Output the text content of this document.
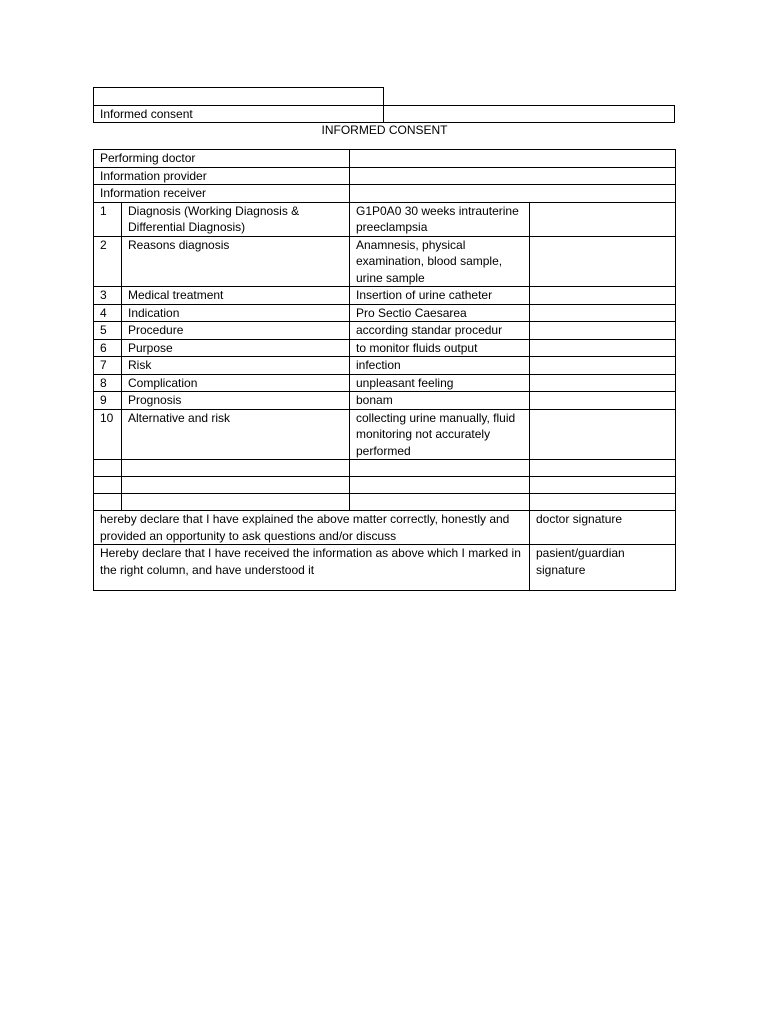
Informed consent
INFORMED CONSENT
Performing doctor			
Information provider			
Information receiver			
1	Diagnosis (Working Diagnosis & Differential Diagnosis)	G1P0A0 30 weeks intrauterine preeclampsia	
2	Reasons diagnosis	Anamnesis, physical examination, blood sample, urine sample	
3	Medical treatment	Insertion of urine catheter	
4	Indication	Pro Sectio Caesarea	
5	Procedure	according standar procedur	
6	Purpose	to monitor fluids output	
7	Risk	infection	
8	Complication	unpleasant feeling	
9	Prognosis	bonam	
10	Alternative and risk	collecting urine manually, fluid monitoring not accurately performed	

hereby declare that I have explained the above matter correctly, honestly and provided an opportunity to ask questions and/or discuss			doctor signature
Hereby declare that I have received the information as above which I marked in the right column, and have understood it			pasient/guardian signature
